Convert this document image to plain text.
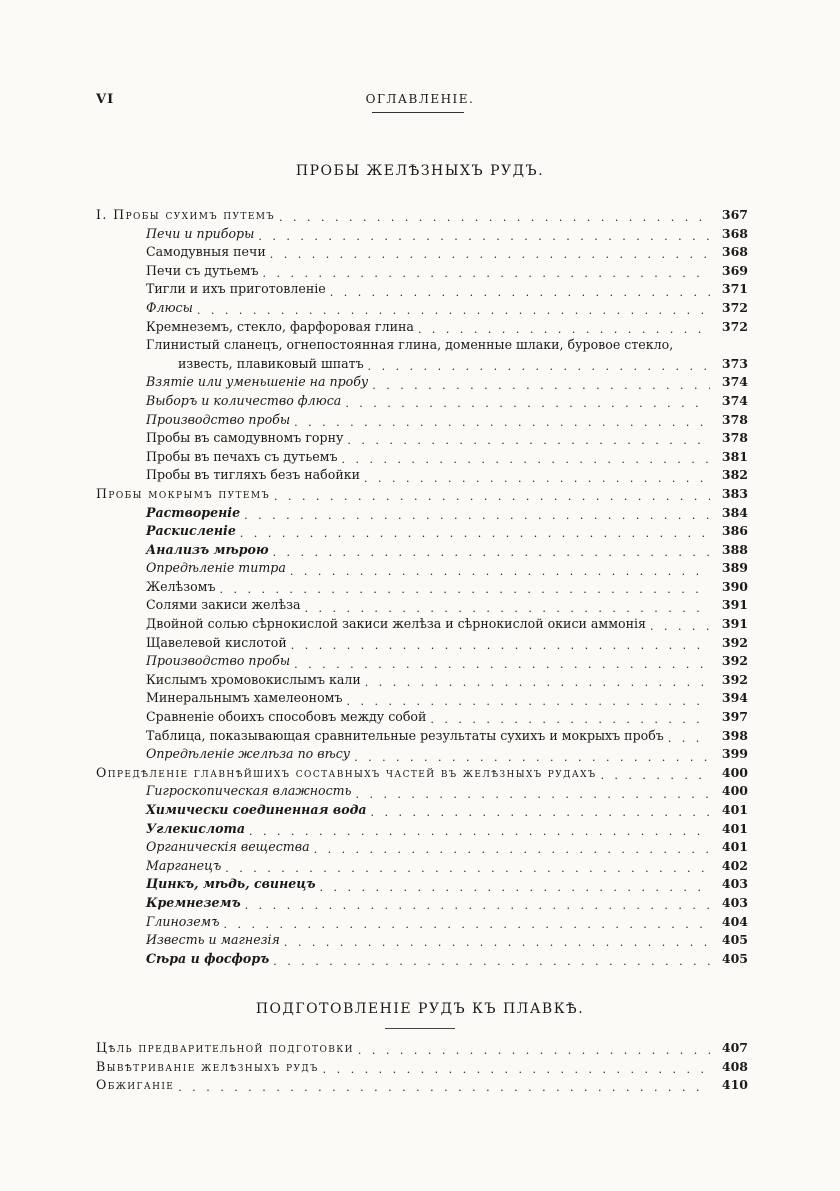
VI	ОГЛАВЛЕНIЕ.
ПРОБЫ ЖЕЛѢЗНЫХЪ РУДЪ.
I. Пробы сухимъ путемъ . . .	367
Печи и приборы . . .	368
Самодувныя печи . . .	368
Печи съ дутьемъ . . .	369
Тигли и ихъ приготовленiе . . .	371
Флюсы . . .	372
Кремнеземъ, стекло, фарфоровая глина . . .	372
Глинистый сланецъ, огнепостоянная глина, доменные шлаки, буровое стекло,
известь, плавиковый шпатъ . . .	373
Взятiе или уменьшенiе на пробу . . .	374
Выборъ и количество флюса . . .	374
Производство пробы . . .	378
Пробы въ самодувномъ горну . . .	378
Пробы въ печахъ съ дутьемъ . . .	381
Пробы въ тигляхъ безъ набойки . . .	382
Пробы мокрымъ путемъ . . .	383
Растворенiе . . .	384
Раскисленiе . . .	386
Анализъ мѣрою . . .	388
Опредѣленiе титра . . .	389
Желѣзомъ . . .	390
Солями закиси желѣза . . .	391
Двойной солью сѣрнокислой закиси желѣза и сѣрнокислой окиси аммонiя . . .	391
Щавелевой кислотой . . .	392
Производство пробы . . .	392
Кислымъ хромовокислымъ кали . . .	392
Минеральнымъ хамелеономъ . . .	394
Сравненiе обоихъ способовъ между собой . . .	397
Таблица, показывающая сравнительные результаты сухихъ и мокрыхъ пробъ . . .	398
Опредѣленiе желѣза по вѣсу . . .	399
Опредѣленiе главнѣйшихъ составныхъ частей въ желѣзныхъ рудахъ . . .	400
Гигроскопическая влажность . . .	400
Химически соединенная вода . . .	401
Углекислота . . .	401
Органическiя вещества . . .	401
Марганецъ . . .	402
Цинкъ, мѣдь, свинецъ . . .	403
Кремнеземъ . . .	403
Глиноземъ . . .	404
Известь и магнезiя . . .	405
Сѣра и фосфоръ . . .	405
ПОДГОТОВЛЕНIЕ РУДЪ КЪ ПЛАВКѢ.
Цѣль предварительной подготовки . . .	407
Вывѣтриванiе желѣзныхъ рудъ . . .	408
Обжиганiе . . .	410
